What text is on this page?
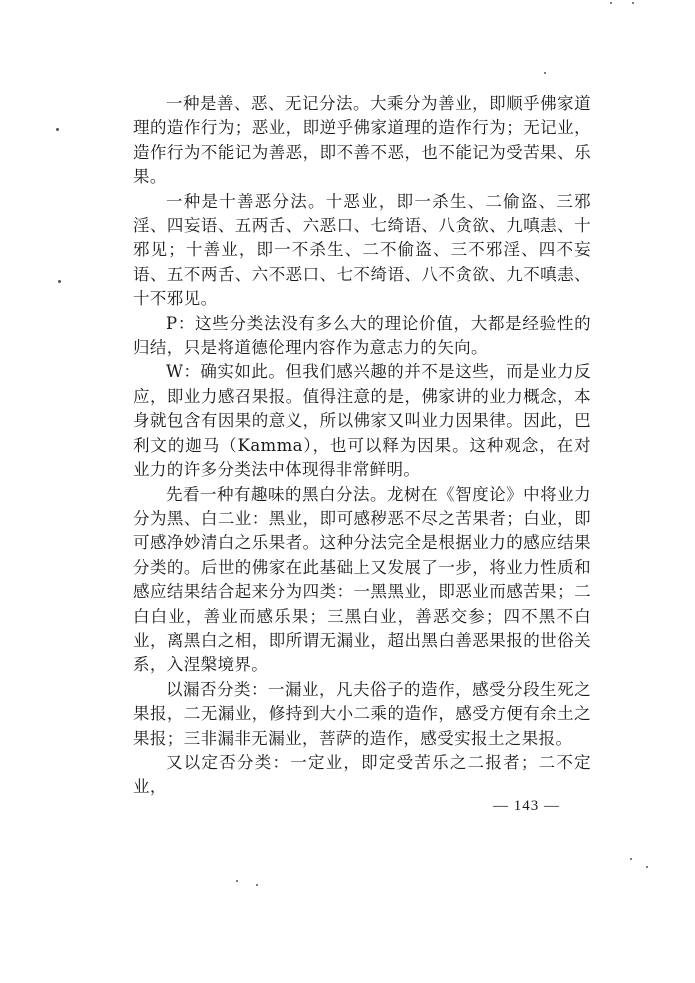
一种是善、恶、无记分法。大乘分为善业，即顺乎佛家道理的造作行为；恶业，即逆乎佛家道理的造作行为；无记业，造作行为不能记为善恶，即不善不恶，也不能记为受苦果、乐果。

一种是十善恶分法。十恶业，即一杀生、二偷盗、三邪淫、四妄语、五两舌、六恶口、七绮语、八贪欲、九嗔恚、十邪见；十善业，即一不杀生、二不偷盗、三不邪淫、四不妄语、五不两舌、六不恶口、七不绮语、八不贪欲、九不嗔恚、十不邪见。

P：这些分类法没有多么大的理论价值，大都是经验性的归结，只是将道德伦理内容作为意志力的矢向。

W：确实如此。但我们感兴趣的并不是这些，而是业力反应，即业力感召果报。值得注意的是，佛家讲的业力概念，本身就包含有因果的意义，所以佛家又叫业力因果律。因此，巴利文的迦马（Kamma），也可以释为因果。这种观念，在对业力的许多分类法中体现得非常鲜明。

先看一种有趣味的黑白分法。龙树在《智度论》中将业力分为黑、白二业：黑业，即可感秽恶不尽之苦果者；白业，即可感净妙清白之乐果者。这种分法完全是根据业力的感应结果分类的。后世的佛家在此基础上又发展了一步，将业力性质和感应结果结合起来分为四类：一黑黑业，即恶业而感苦果；二白白业，善业而感乐果；三黑白业，善恶交参；四不黑不白业，离黑白之相，即所谓无漏业，超出黑白善恶果报的世俗关系，入涅槃境界。

以漏否分类：一漏业，凡夫俗子的造作，感受分段生死之果报，二无漏业，修持到大小二乘的造作，感受方便有余土之果报；三非漏非无漏业，菩萨的造作，感受实报土之果报。

又以定否分类：一定业，即定受苦乐之二报者；二不定业，

— 143 —
